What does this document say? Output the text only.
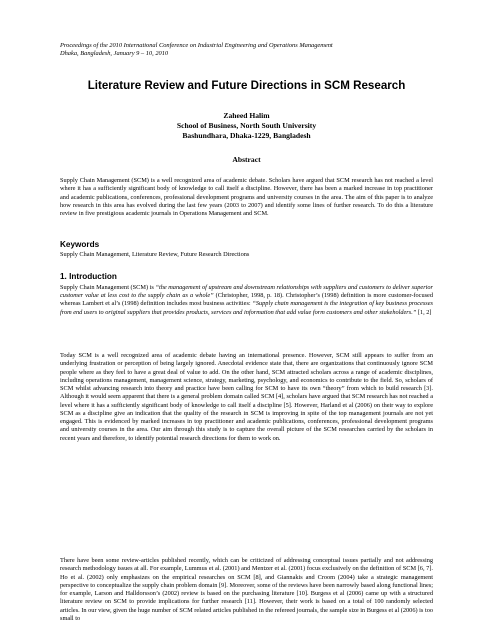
Proceedings of the 2010 International Conference on Industrial Engineering and Operations Management
Dhaka, Bangladesh, January 9 – 10, 2010
Literature Review and Future Directions in SCM Research
Zaheed Halim
School of Business, North South University
Bashundhara, Dhaka-1229, Bangladesh
Abstract
Supply Chain Management (SCM) is a well recognized area of academic debate. Scholars have argued that SCM research has not reached a level where it has a sufficiently significant body of knowledge to call itself a discipline. However, there has been a marked increase in top practitioner and academic publications, conferences, professional development programs and university courses in the area. The aim of this paper is to analyze how research in this area has evolved during the last few years (2003 to 2007) and identify some lines of further research. To do this a literature review in five prestigious academic journals in Operations Management and SCM.
Keywords
Supply Chain Management, Literature Review, Future Research Directions
1. Introduction
Supply Chain Management (SCM) is “the management of upstream and downstream relationships with suppliers and customers to deliver superior customer value at less cost to the supply chain as a whole” (Christopher, 1998, p. 18). Christopher’s (1998) definition is more customer-focused whereas Lambert et al’s (1998) definition includes most business activities: “Supply chain management is the integration of key business processes from end users to original suppliers that provides products, services and information that add value form customers and other stakeholders.” [1, 2]
Today SCM is a well recognized area of academic debate having an international presence. However, SCM still appears to suffer from an underlying frustration or perception of being largely ignored. Anecdotal evidence state that, there are organizations that continuously ignore SCM people where as they feel to have a great deal of value to add. On the other hand, SCM attracted scholars across a range of academic disciplines, including operations management, management science, strategy, marketing, psychology, and economics to contribute to the field. So, scholars of SCM whilst advancing research into theory and practice have been calling for SCM to have its own “theory” from which to build research [3]. Although it would seem apparent that there is a general problem domain called SCM [4], scholars have argued that SCM research has not reached a level where it has a sufficiently significant body of knowledge to call itself a discipline [5]. However, Harland et al (2006) on their way to explore SCM as a discipline give an indication that the quality of the research in SCM is improving in spite of the top management journals are not yet engaged. This is evidenced by marked increases in top practitioner and academic publications, conferences, professional development programs and university courses in the area. Our aim through this study is to capture the overall picture of the SCM researches carried by the scholars in recent years and therefore, to identify potential research directions for them to work on.
There have been some review-articles published recently, which can be criticized of addressing conceptual issues partially and not addressing research methodology issues at all. For example, Lummus et al. (2001) and Mentzer et al. (2001) focus exclusively on the definition of SCM [6, 7]. Ho et al. (2002) only emphasizes on the empirical researches on SCM [8], and Giannakis and Croom (2004) take a strategic management perspective to conceptualize the supply chain problem domain [9]. Moreover, some of the reviews have been narrowly based along functional lines; for example, Larson and Halldorsson’s (2002) review is based on the purchasing literature [10]. Burgess et al (2006) came up with a structured literature review on SCM to provide implications for further research [11]. However, their work is based on a total of 100 randomly selected articles. In our view, given the huge number of SCM related articles published in the refereed journals, the sample size in Burgess et al (2006) is too small to
